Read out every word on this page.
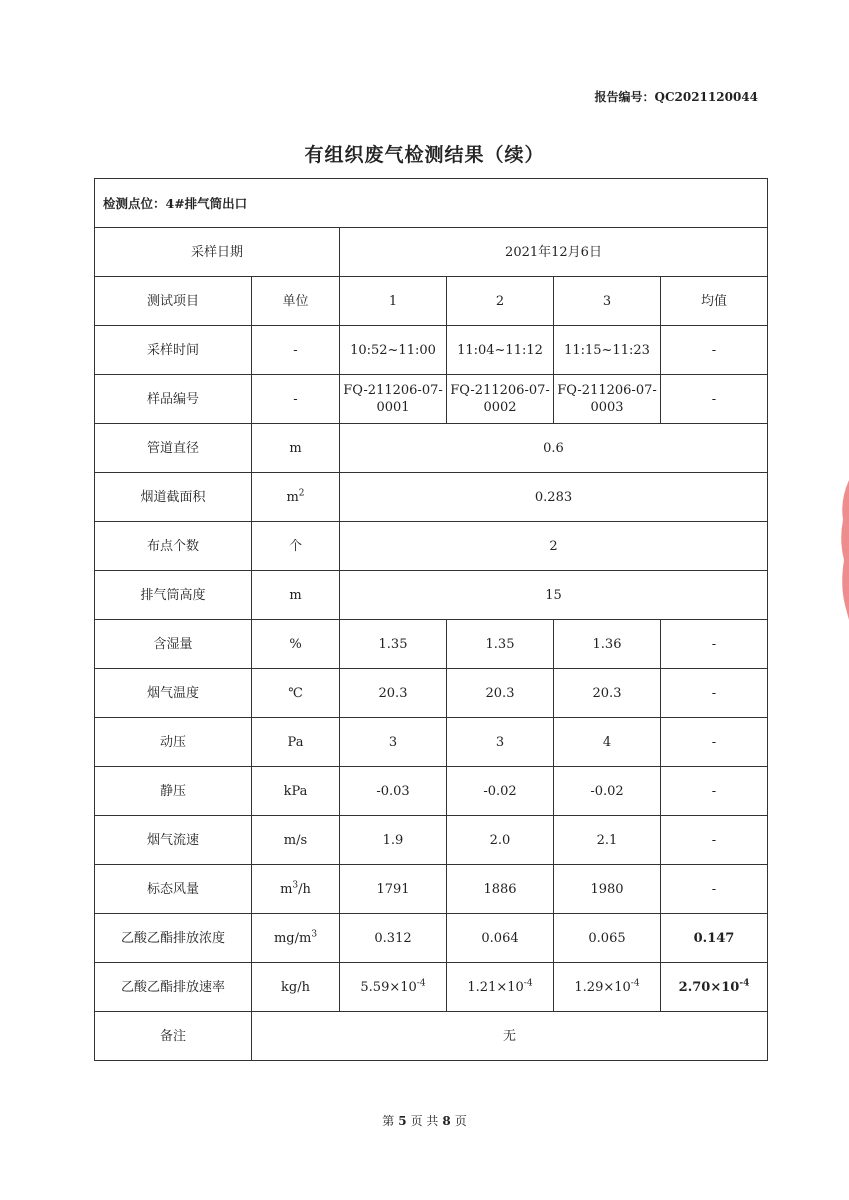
报告编号：QC2021120044
有组织废气检测结果（续）
检测点位：4#排气筒出口					
采样日期		2021年12月6日			
测试项目	单位	1	2	3	均值
采样时间	-	10:52~11:00	11:04~11:12	11:15~11:23	-
样品编号	-	FQ-211206-07-0001	FQ-211206-07-0002	FQ-211206-07-0003	-
管道直径	m	0.6			
烟道截面积	$m^2$	0.283			
布点个数	个	2			
排气筒高度	m	15			
含湿量	%	1.35	1.35	1.36	-
烟气温度	℃	20.3	20.3	20.3	-
动压	Pa	3	3	4	-
静压	kPa	-0.03	-0.02	-0.02	-
烟气流速	m/s	1.9	2.0	2.1	-
标态风量	$m^3/h$	1791	1886	1980	-
乙酸乙酯排放浓度	$mg/m^3$	0.312	0.064	0.065	0.147
乙酸乙酯排放速率	kg/h	$5.59\times 10^{-4}$	$1.21\times 10^{-4}$	$1.29\times 10^{-4}$	$2.70\times 10^{-4}$
备注	无				
第 5 页 共 8 页
